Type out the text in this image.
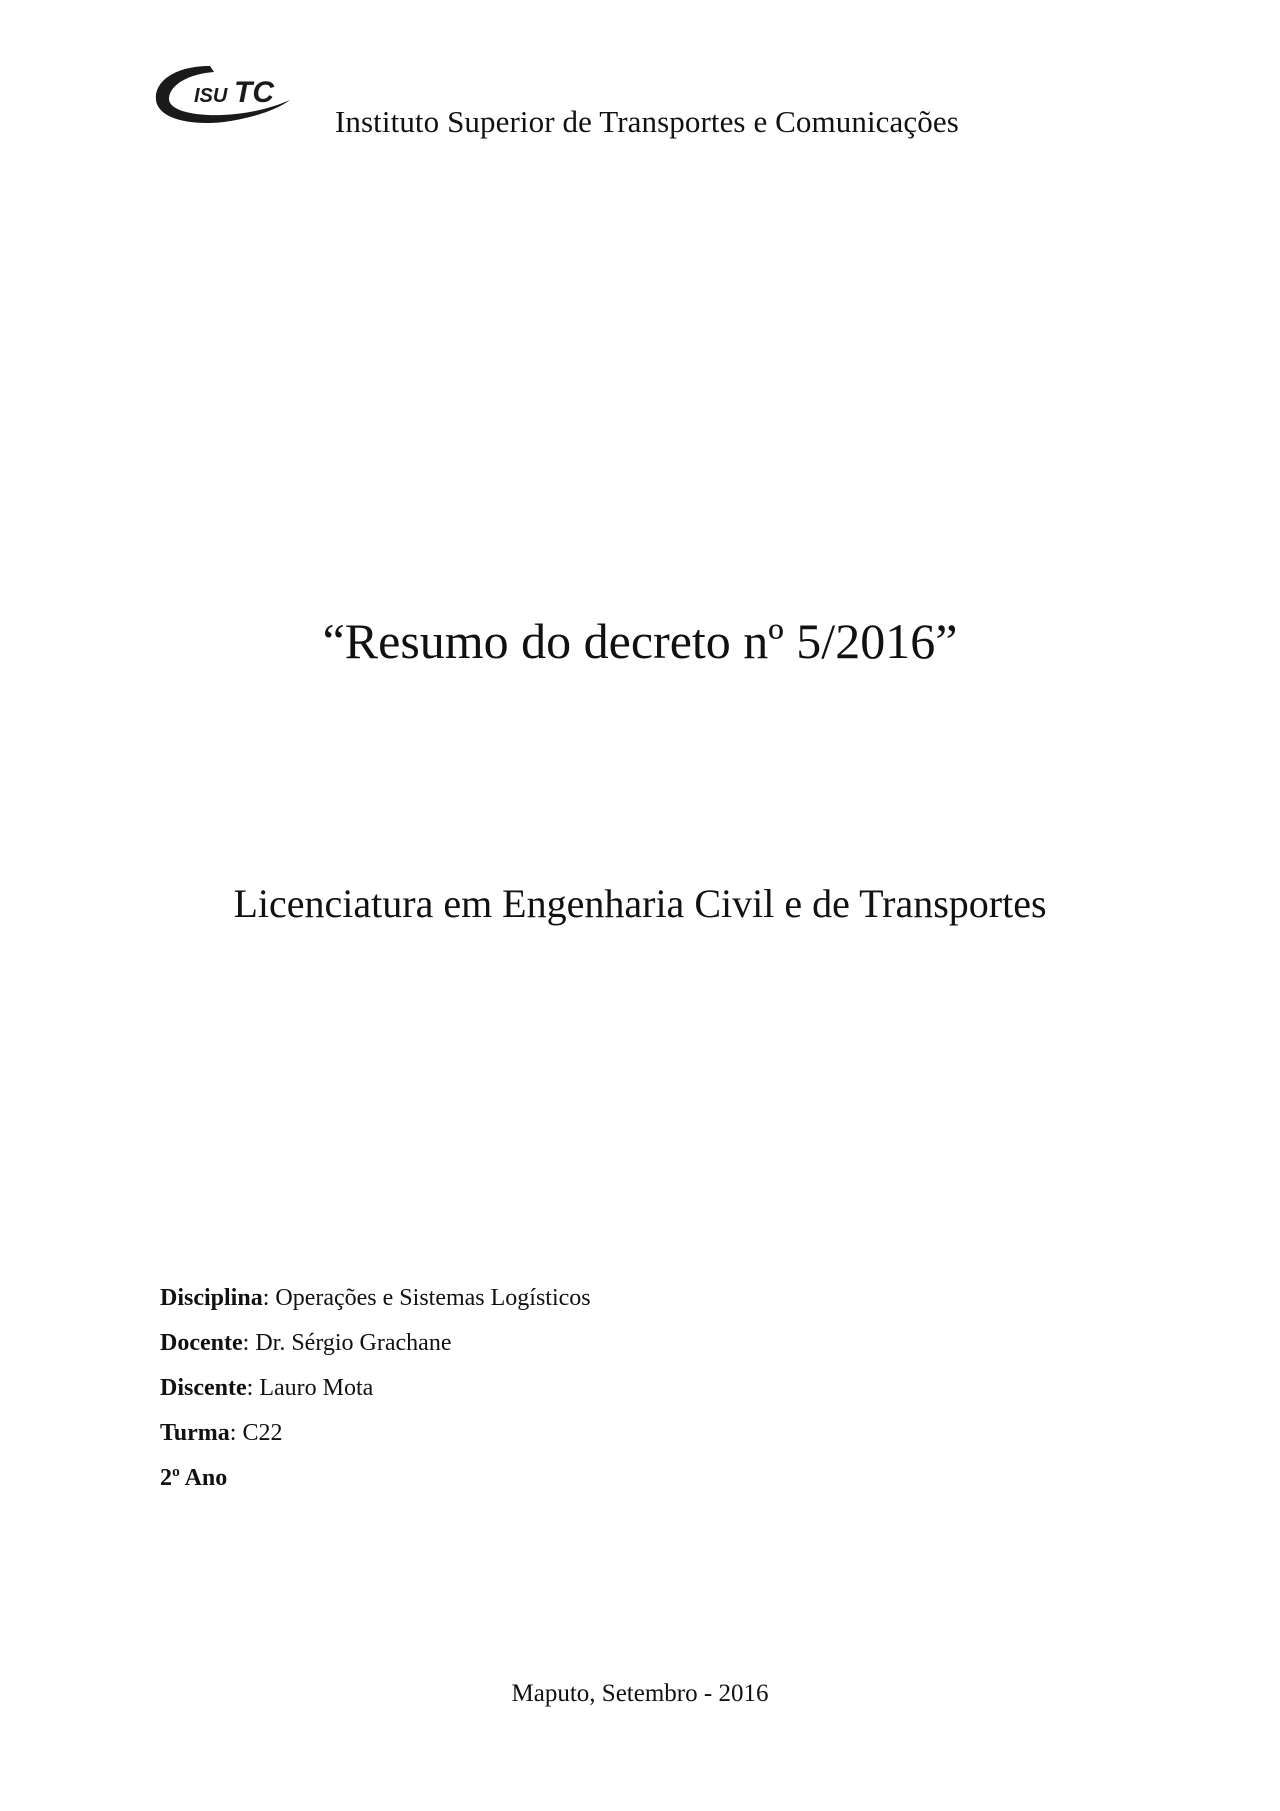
ISU TC
Instituto Superior de Transportes e Comunicações
“Resumo do decreto nº 5/2016”
Licenciatura em Engenharia Civil e de Transportes
Disciplina: Operações e Sistemas Logísticos
Docente: Dr. Sérgio Grachane
Discente: Lauro Mota
Turma: C22
2º Ano
Maputo, Setembro - 2016
